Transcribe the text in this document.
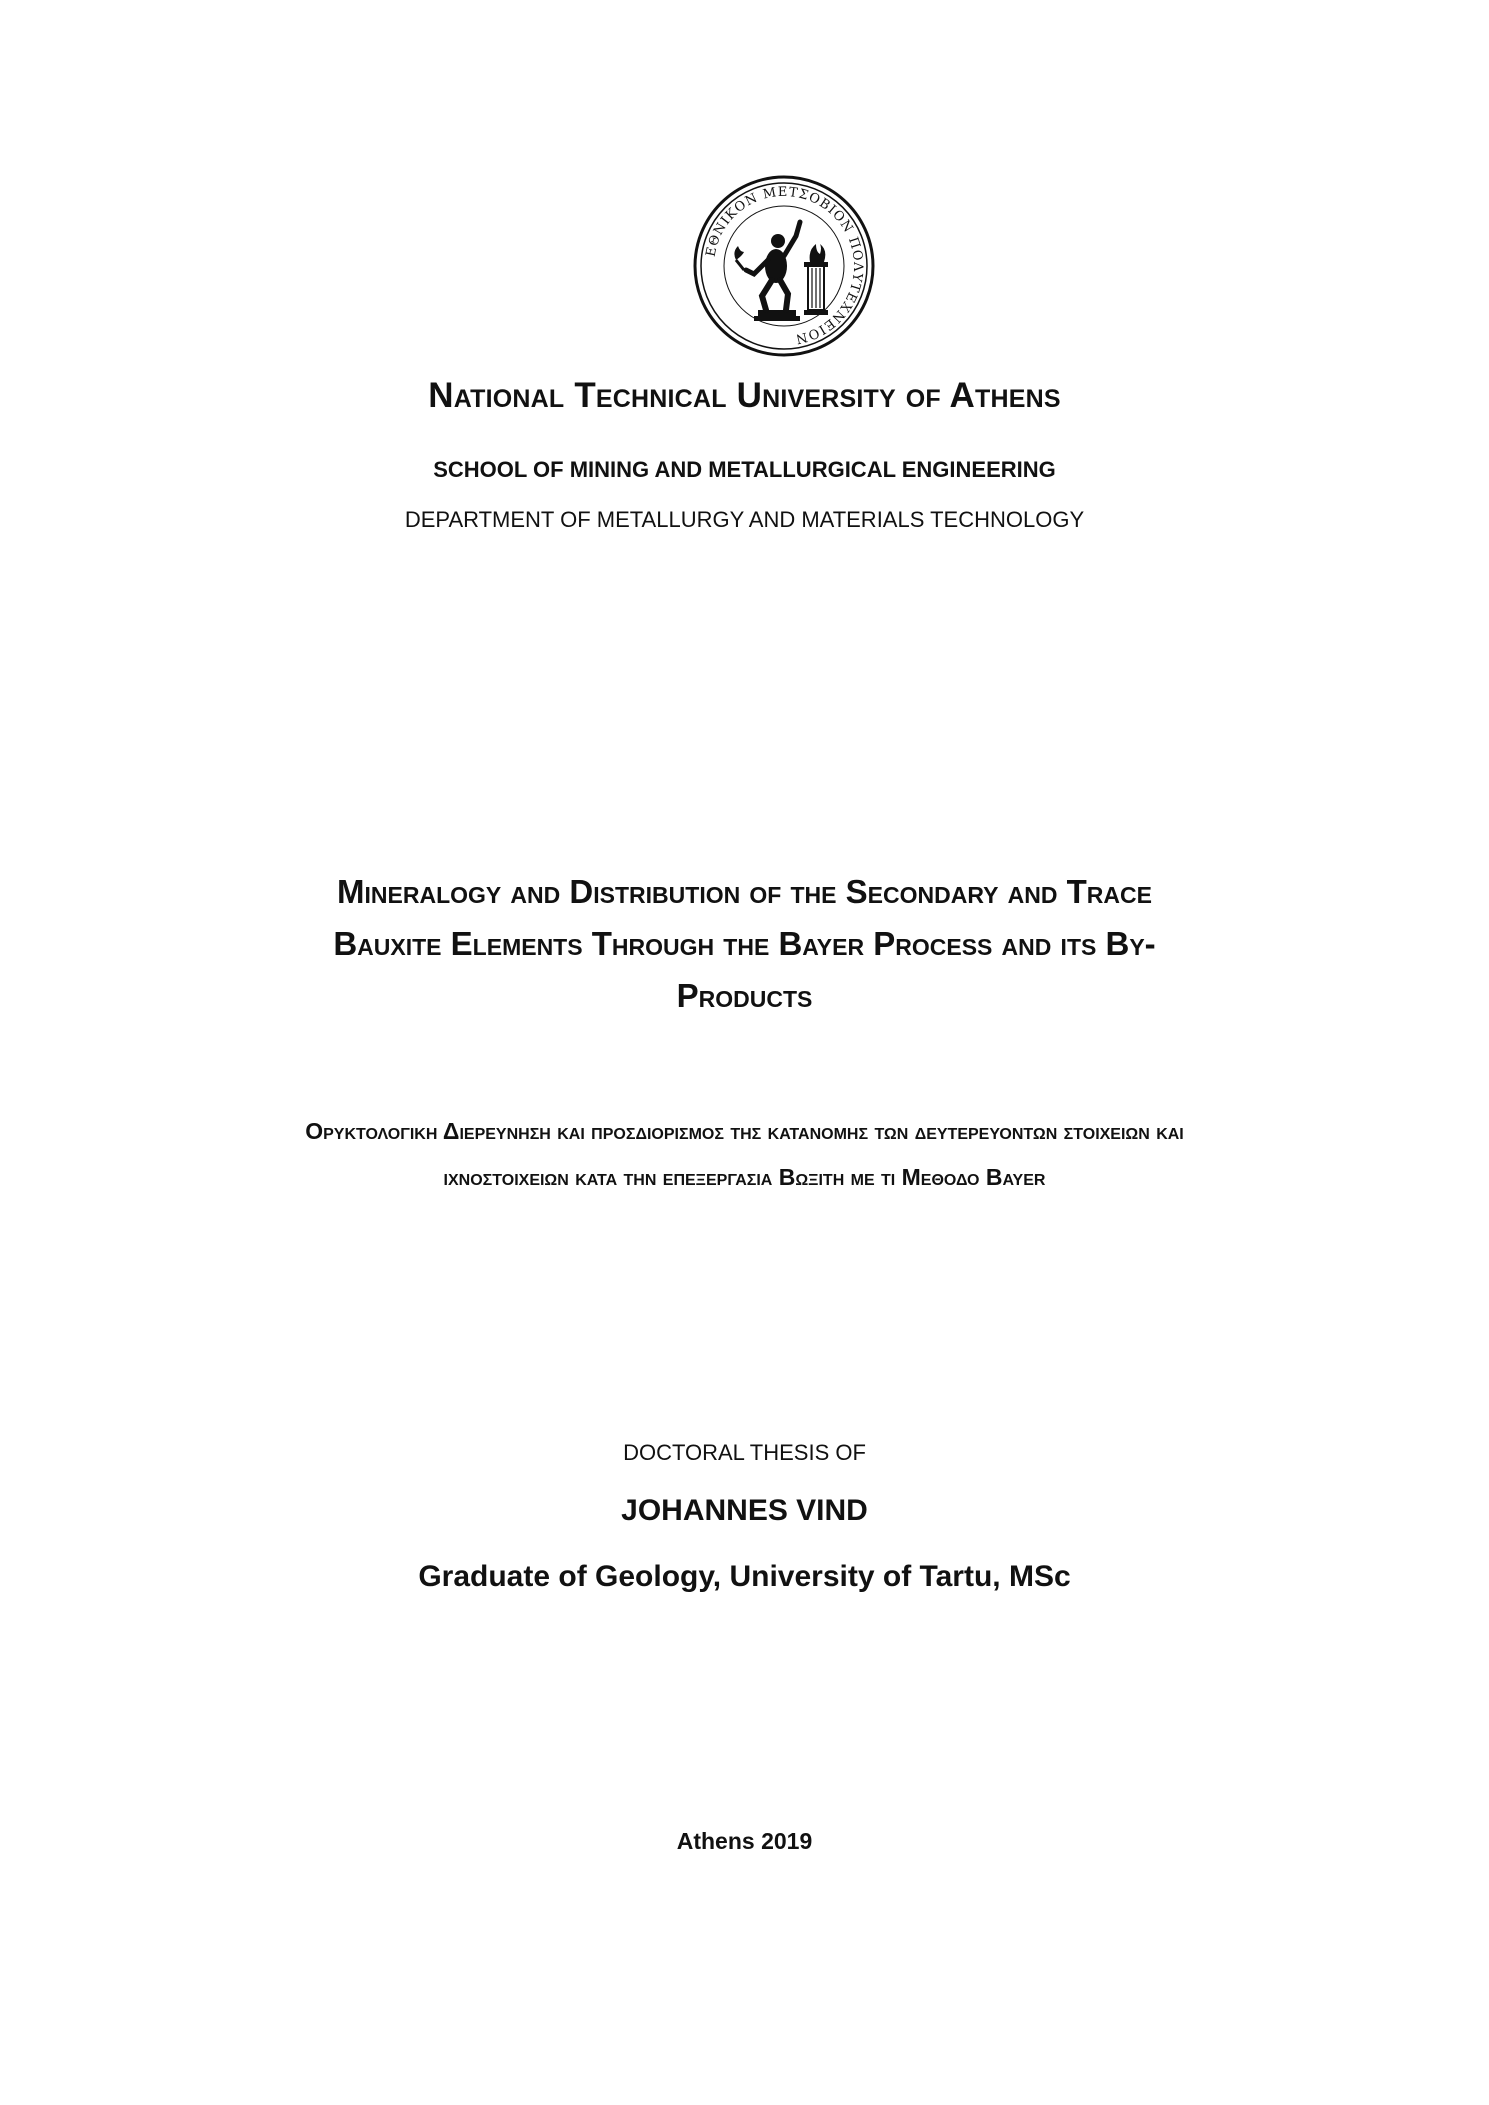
ΕΘΝΙΚΟΝ ΜΕΤΣΟΒΙΟΝ ΠΟΛΥΤΕΧΝΕΙΟΝ
National Technical University of Athens
SCHOOL OF MINING AND METALLURGICAL ENGINEERING
DEPARTMENT OF METALLURGY AND MATERIALS TECHNOLOGY
Mineralogy and Distribution of the Secondary and Trace Bauxite Elements Through the Bayer Process and its By-Products
Ορυκτολογικη Διερευνηση και προσδιορισμος της κατανομης των δευτερευοντων στοιχειων και ιχνοστοιχειων κατα την επεξεργασια Βωξιτη με τι Μεθοδο Bayer
DOCTORAL THESIS OF
JOHANNES VIND
Graduate of Geology, University of Tartu, MSc
Athens 2019
